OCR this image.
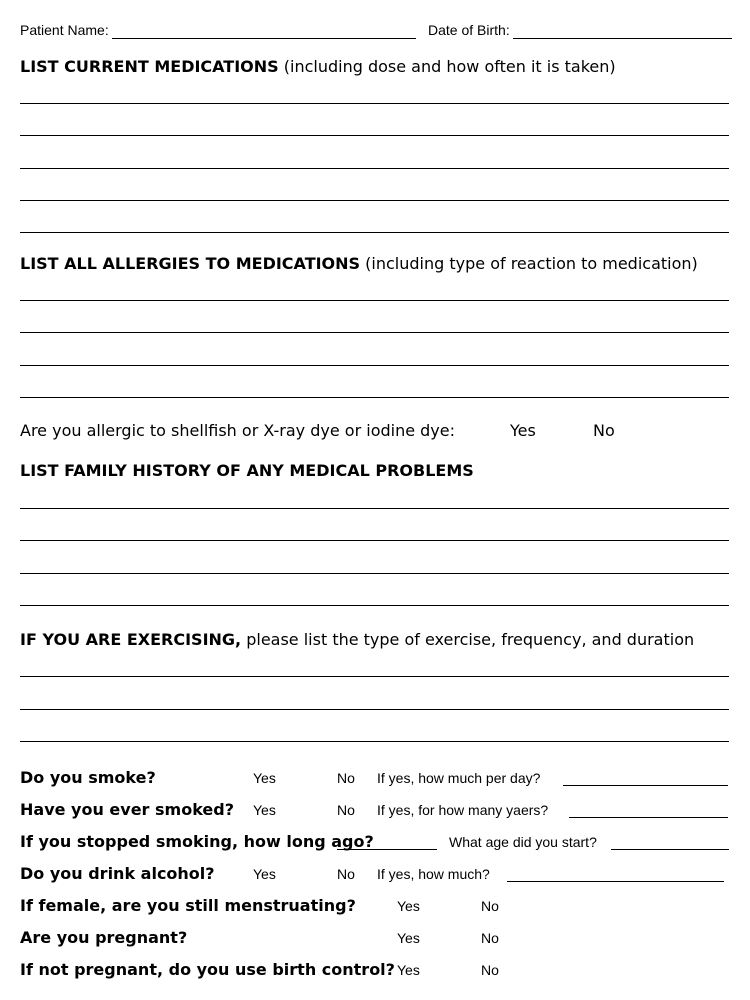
Patient Name:	Date of Birth:
LIST CURRENT MEDICATIONS (including dose and how often it is taken)
LIST ALL ALLERGIES TO MEDICATIONS (including type of reaction to medication)
Are you allergic to shellfish or X-ray dye or iodine dye:	Yes	No
LIST FAMILY HISTORY OF ANY MEDICAL PROBLEMS
IF YOU ARE EXERCISING, please list the type of exercise, frequency, and duration
Do you smoke?	Yes	No If yes, how much per day?
Have you ever smoked? Yes	No If yes, for how many yaers?
If you stopped smoking, how long ago?	What age did you start?
Do you drink alcohol?	Yes	No If yes, how much?
If female, are you still menstruating?	Yes	No
Are you pregnant?	Yes	No
If not pregnant, do you use birth control? Yes	No
